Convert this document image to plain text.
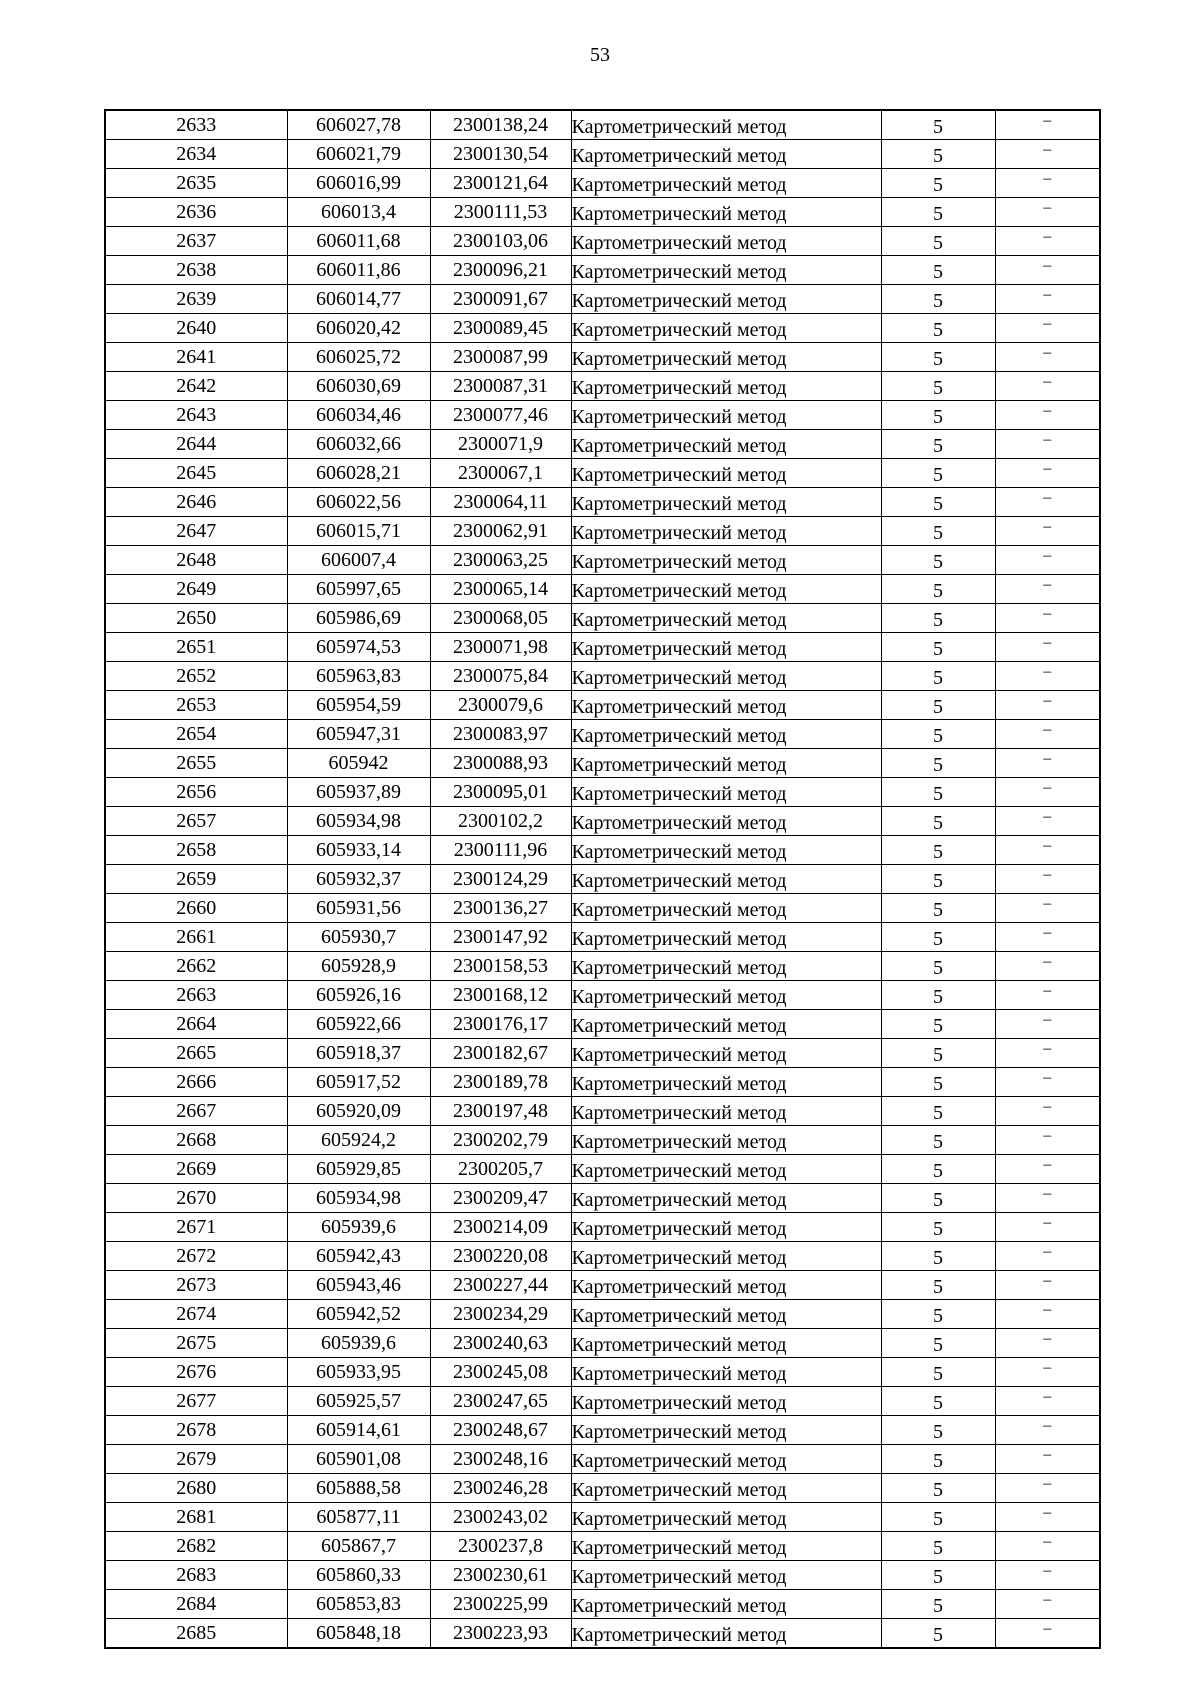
53
2633	606027,78	2300138,24	Картометрический метод	5	–
2634	606021,79	2300130,54	Картометрический метод	5	–
2635	606016,99	2300121,64	Картометрический метод	5	–
2636	606013,4	2300111,53	Картометрический метод	5	–
2637	606011,68	2300103,06	Картометрический метод	5	–
2638	606011,86	2300096,21	Картометрический метод	5	–
2639	606014,77	2300091,67	Картометрический метод	5	–
2640	606020,42	2300089,45	Картометрический метод	5	–
2641	606025,72	2300087,99	Картометрический метод	5	–
2642	606030,69	2300087,31	Картометрический метод	5	–
2643	606034,46	2300077,46	Картометрический метод	5	–
2644	606032,66	2300071,9	Картометрический метод	5	–
2645	606028,21	2300067,1	Картометрический метод	5	–
2646	606022,56	2300064,11	Картометрический метод	5	–
2647	606015,71	2300062,91	Картометрический метод	5	–
2648	606007,4	2300063,25	Картометрический метод	5	–
2649	605997,65	2300065,14	Картометрический метод	5	–
2650	605986,69	2300068,05	Картометрический метод	5	–
2651	605974,53	2300071,98	Картометрический метод	5	–
2652	605963,83	2300075,84	Картометрический метод	5	–
2653	605954,59	2300079,6	Картометрический метод	5	–
2654	605947,31	2300083,97	Картометрический метод	5	–
2655	605942	2300088,93	Картометрический метод	5	–
2656	605937,89	2300095,01	Картометрический метод	5	–
2657	605934,98	2300102,2	Картометрический метод	5	–
2658	605933,14	2300111,96	Картометрический метод	5	–
2659	605932,37	2300124,29	Картометрический метод	5	–
2660	605931,56	2300136,27	Картометрический метод	5	–
2661	605930,7	2300147,92	Картометрический метод	5	–
2662	605928,9	2300158,53	Картометрический метод	5	–
2663	605926,16	2300168,12	Картометрический метод	5	–
2664	605922,66	2300176,17	Картометрический метод	5	–
2665	605918,37	2300182,67	Картометрический метод	5	–
2666	605917,52	2300189,78	Картометрический метод	5	–
2667	605920,09	2300197,48	Картометрический метод	5	–
2668	605924,2	2300202,79	Картометрический метод	5	–
2669	605929,85	2300205,7	Картометрический метод	5	–
2670	605934,98	2300209,47	Картометрический метод	5	–
2671	605939,6	2300214,09	Картометрический метод	5	–
2672	605942,43	2300220,08	Картометрический метод	5	–
2673	605943,46	2300227,44	Картометрический метод	5	–
2674	605942,52	2300234,29	Картометрический метод	5	–
2675	605939,6	2300240,63	Картометрический метод	5	–
2676	605933,95	2300245,08	Картометрический метод	5	–
2677	605925,57	2300247,65	Картометрический метод	5	–
2678	605914,61	2300248,67	Картометрический метод	5	–
2679	605901,08	2300248,16	Картометрический метод	5	–
2680	605888,58	2300246,28	Картометрический метод	5	–
2681	605877,11	2300243,02	Картометрический метод	5	–
2682	605867,7	2300237,8	Картометрический метод	5	–
2683	605860,33	2300230,61	Картометрический метод	5	–
2684	605853,83	2300225,99	Картометрический метод	5	–
2685	605848,18	2300223,93	Картометрический метод	5	–
